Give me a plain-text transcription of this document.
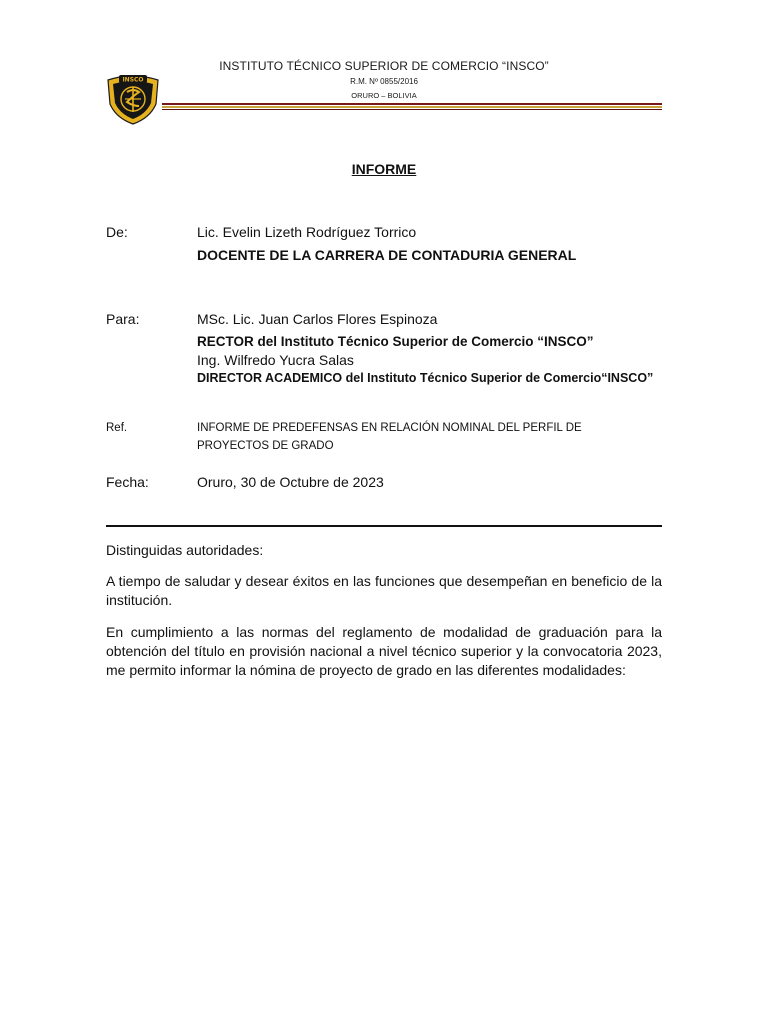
INSCO
INSTITUTO TÉCNICO SUPERIOR DE COMERCIO “INSCO”
R.M. Nº 0855/2016
ORURO – BOLIVIA
INFORME
De:	Lic. Evelin Lizeth Rodríguez Torrico
DOCENTE DE LA CARRERA DE CONTADURIA GENERAL
Para:	MSc. Lic. Juan Carlos Flores Espinoza
RECTOR del Instituto Técnico Superior de Comercio “INSCO”
Ing. Wilfredo Yucra Salas
DIRECTOR ACADEMICO del Instituto Técnico Superior de Comercio“INSCO”
Ref.	INFORME DE PREDEFENSAS EN RELACIÓN NOMINAL DEL PERFIL DE
PROYECTOS DE GRADO
Fecha:	Oruro, 30 de Octubre de 2023
Distinguidas autoridades:
A tiempo de saludar y desear éxitos en las funciones que desempeñan en beneficio de la institución.
En cumplimiento a las normas del reglamento de modalidad de graduación para la obtención del título en provisión nacional a nivel técnico superior y la convocatoria 2023, me permito informar la nómina de proyecto de grado en las diferentes modalidades:
